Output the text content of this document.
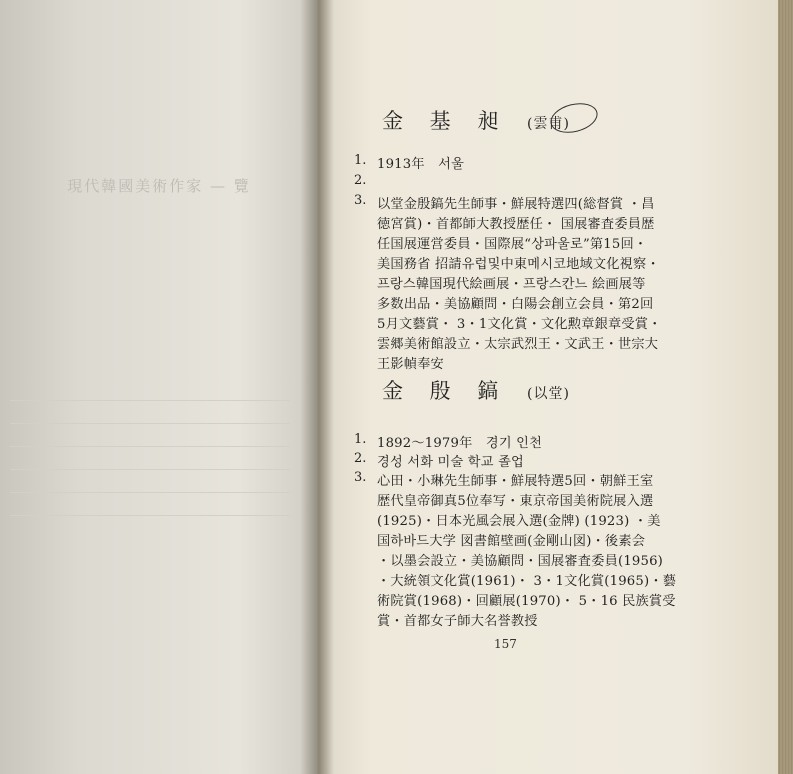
現代韓國美術作家 — 覽
金 基 昶 (雲甫)
1. 1913年　서울
2.
3. 以堂金殷鎬先生師事・鮮展特選四(総督賞 ・昌
徳宮賞)・首都師大教授歴任・ 国展審査委員歴
任国展運営委員・国際展“상파울로”第15回・
美国務省 招請유럽및中東메시코地域文化視察・
프랑스韓国現代絵画展・프랑스칸느 絵画展等
多数出品・美協顧問・白陽会創立会員・第2回
5月文藝賞・ 3・1文化賞・文化勲章銀章受賞・
雲郷美術館設立・太宗武烈王・文武王・世宗大
王影幀奉安
金 殷 鎬 (以堂)
1. 1892～1979年　경기 인천
2. 경성 서화 미술 학교 졸업
3. 心田・小琳先生師事・鮮展特選5回・朝鮮王室
歴代皇帝御真5位奉写・東京帝国美術院展入選
(1925)・日本光風会展入選(金牌) (1923) ・美
国하바드大学 図書館壁画(金剛山図)・後素会
・以墨会設立・美協顧問・国展審査委員(1956)
・大統領文化賞(1961)・ 3・1文化賞(1965)・藝
術院賞(1968)・回顧展(1970)・ 5・16 民族賞受
賞・首都女子師大名誉教授
157
